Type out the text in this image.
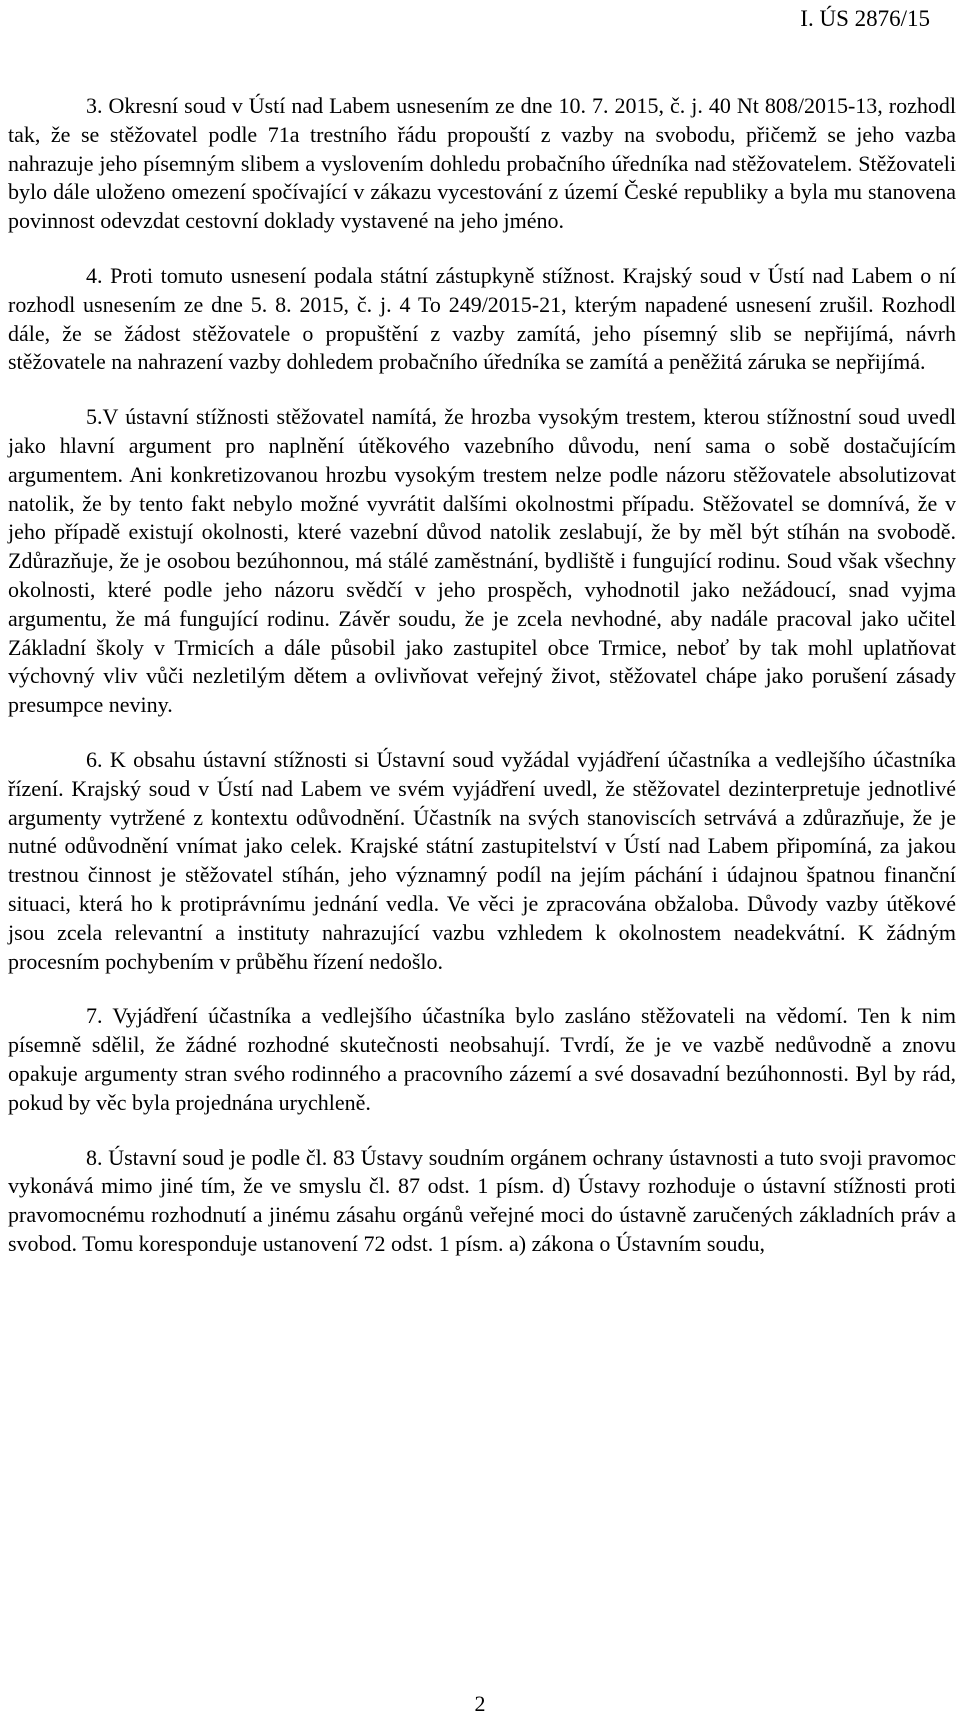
I. ÚS 2876/15

3. Okresní soud v Ústí nad Labem usnesením ze dne 10. 7. 2015, č. j. 40 Nt 808/2015-13, rozhodl tak, že se stěžovatel podle 71a trestního řádu propouští z vazby na svobodu, přičemž se jeho vazba nahrazuje jeho písemným slibem a vyslovením dohledu probačního úředníka nad stěžovatelem. Stěžovateli bylo dále uloženo omezení spočívající v zákazu vycestování z území České republiky a byla mu stanovena povinnost odevzdat cestovní doklady vystavené na jeho jméno.

4. Proti tomuto usnesení podala státní zástupkyně stížnost. Krajský soud v Ústí nad Labem o ní rozhodl usnesením ze dne 5. 8. 2015, č. j. 4 To 249/2015-21, kterým napadené usnesení zrušil. Rozhodl dále, že se žádost stěžovatele o propuštění z vazby zamítá, jeho písemný slib se nepřijímá, návrh stěžovatele na nahrazení vazby dohledem probačního úředníka se zamítá a peněžitá záruka se nepřijímá.

5.V ústavní stížnosti stěžovatel namítá, že hrozba vysokým trestem, kterou stížnostní soud uvedl jako hlavní argument pro naplnění útěkového vazebního důvodu, není sama o sobě dostačujícím argumentem. Ani konkretizovanou hrozbu vysokým trestem nelze podle názoru stěžovatele absolutizovat natolik, že by tento fakt nebylo možné vyvrátit dalšími okolnostmi případu. Stěžovatel se domnívá, že v jeho případě existují okolnosti, které vazební důvod natolik zeslabují, že by měl být stíhán na svobodě. Zdůrazňuje, že je osobou bezúhonnou, má stálé zaměstnání, bydliště i fungující rodinu. Soud však všechny okolnosti, které podle jeho názoru svědčí v jeho prospěch, vyhodnotil jako nežádoucí, snad vyjma argumentu, že má fungující rodinu. Závěr soudu, že je zcela nevhodné, aby nadále pracoval jako učitel Základní školy v Trmicích a dále působil jako zastupitel obce Trmice, neboť by tak mohl uplatňovat výchovný vliv vůči nezletilým dětem a ovlivňovat veřejný život, stěžovatel chápe jako porušení zásady presumpce neviny.

6. K obsahu ústavní stížnosti si Ústavní soud vyžádal vyjádření účastníka a vedlejšího účastníka řízení. Krajský soud v Ústí nad Labem ve svém vyjádření uvedl, že stěžovatel dezinterpretuje jednotlivé argumenty vytržené z kontextu odůvodnění. Účastník na svých stanoviscích setrvává a zdůrazňuje, že je nutné odůvodnění vnímat jako celek. Krajské státní zastupitelství v Ústí nad Labem připomíná, za jakou trestnou činnost je stěžovatel stíhán, jeho významný podíl na jejím páchání i údajnou špatnou finanční situaci, která ho k protiprávnímu jednání vedla. Ve věci je zpracována obžaloba. Důvody vazby útěkové jsou zcela relevantní a instituty nahrazující vazbu vzhledem k okolnostem neadekvátní. K žádným procesním pochybením v průběhu řízení nedošlo.

7. Vyjádření účastníka a vedlejšího účastníka bylo zasláno stěžovateli na vědomí. Ten k nim písemně sdělil, že žádné rozhodné skutečnosti neobsahují. Tvrdí, že je ve vazbě nedůvodně a znovu opakuje argumenty stran svého rodinného a pracovního zázemí a své dosavadní bezúhonnosti. Byl by rád, pokud by věc byla projednána urychleně.

8. Ústavní soud je podle čl. 83 Ústavy soudním orgánem ochrany ústavnosti a tuto svoji pravomoc vykonává mimo jiné tím, že ve smyslu čl. 87 odst. 1 písm. d) Ústavy rozhoduje o ústavní stížnosti proti pravomocnému rozhodnutí a jinému zásahu orgánů veřejné moci do ústavně zaručených základních práv a svobod. Tomu koresponduje ustanovení 72 odst. 1 písm. a) zákona o Ústavním soudu,

2
